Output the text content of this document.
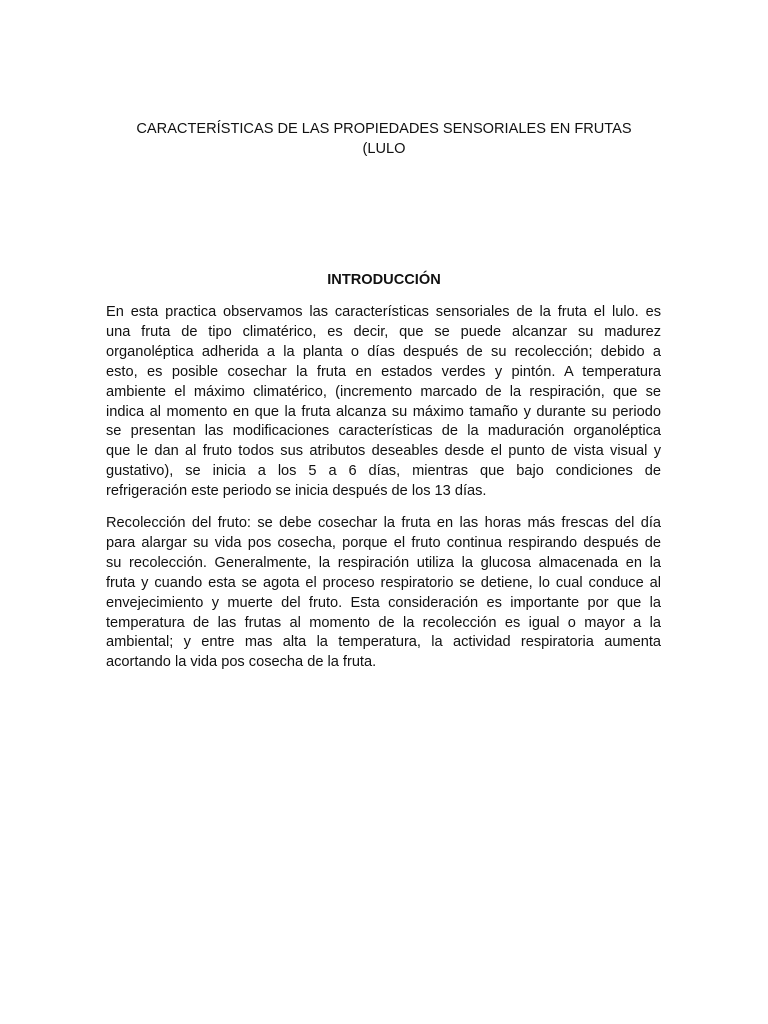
CARACTERÍSTICAS DE LAS PROPIEDADES SENSORIALES EN FRUTAS
(LULO
INTRODUCCIÓN

En esta practica observamos las características sensoriales de la fruta el lulo. es
una fruta de tipo climatérico, es decir, que se puede alcanzar su madurez
organoléptica adherida a la planta o días después de su recolección; debido a
esto, es posible cosechar la fruta en estados verdes y pintón. A temperatura
ambiente el máximo climatérico, (incremento marcado de la respiración, que se
indica al momento en que la fruta alcanza su máximo tamaño y durante su periodo
se presentan las modificaciones características de la maduración organoléptica
que le dan al fruto todos sus atributos deseables desde el punto de vista visual y
gustativo), se inicia a los 5 a 6 días, mientras que bajo condiciones de
refrigeración este periodo se inicia después de los 13 días.

Recolección del fruto: se debe cosechar la fruta en las horas más frescas del día
para alargar su vida pos cosecha, porque el fruto continua respirando después de
su recolección. Generalmente, la respiración utiliza la glucosa almacenada en la
fruta y cuando esta se agota el proceso respiratorio se detiene, lo cual conduce al
envejecimiento y muerte del fruto. Esta consideración es importante por que la
temperatura de las frutas al momento de la recolección es igual o mayor a la
ambiental; y entre mas alta la temperatura, la actividad respiratoria aumenta
acortando la vida pos cosecha de la fruta.
